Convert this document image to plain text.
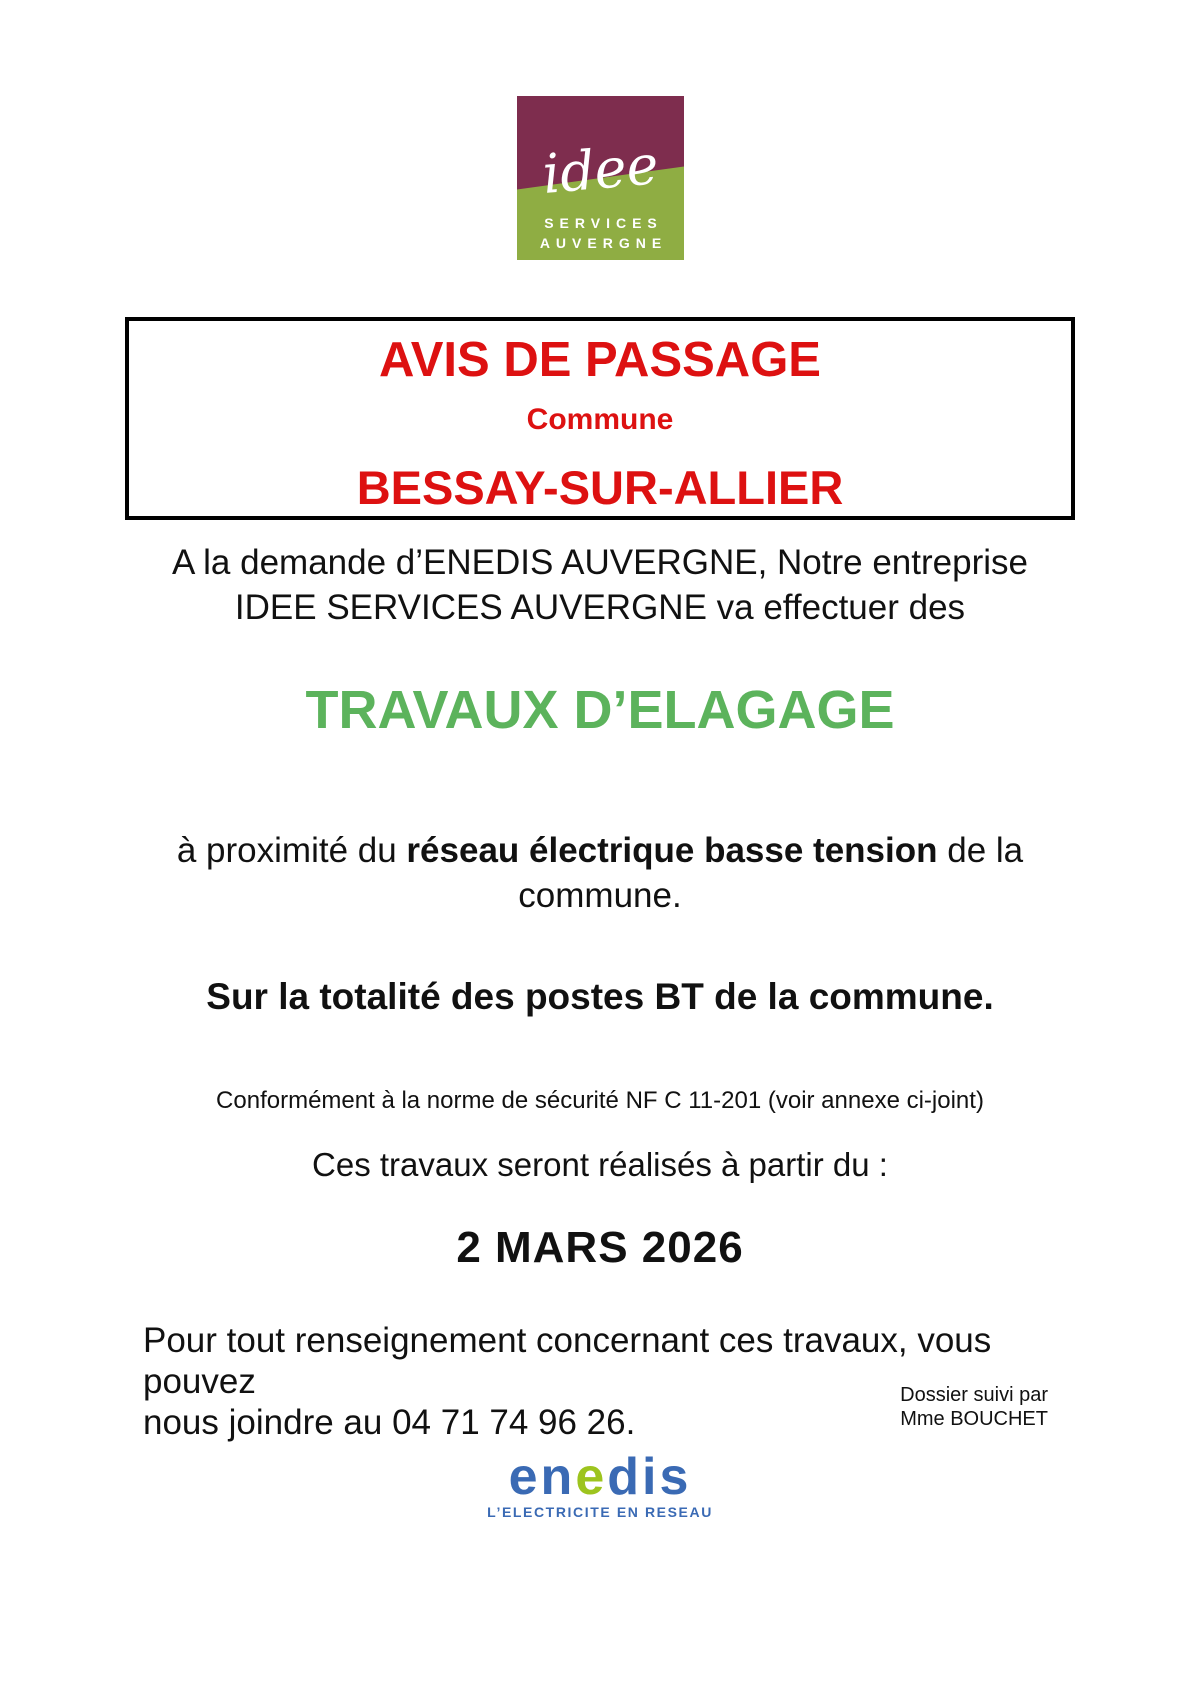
idee
SERVICES
AUVERGNE
AVIS DE PASSAGE
Commune
BESSAY-SUR-ALLIER
A la demande d’ENEDIS AUVERGNE, Notre entreprise
IDEE SERVICES AUVERGNE va effectuer des
TRAVAUX D’ELAGAGE
à proximité du réseau électrique basse tension de la commune.
Sur la totalité des postes BT de la commune.
Conformément à la norme de sécurité NF C 11-201 (voir annexe ci-joint)
Ces travaux seront réalisés à partir du :
2 MARS 2026
Pour tout renseignement concernant ces travaux, vous pouvez
nous joindre au 04 71 74 96 26.
Dossier suivi par
Mme BOUCHET
enedis
L’ELECTRICITE EN RESEAU
